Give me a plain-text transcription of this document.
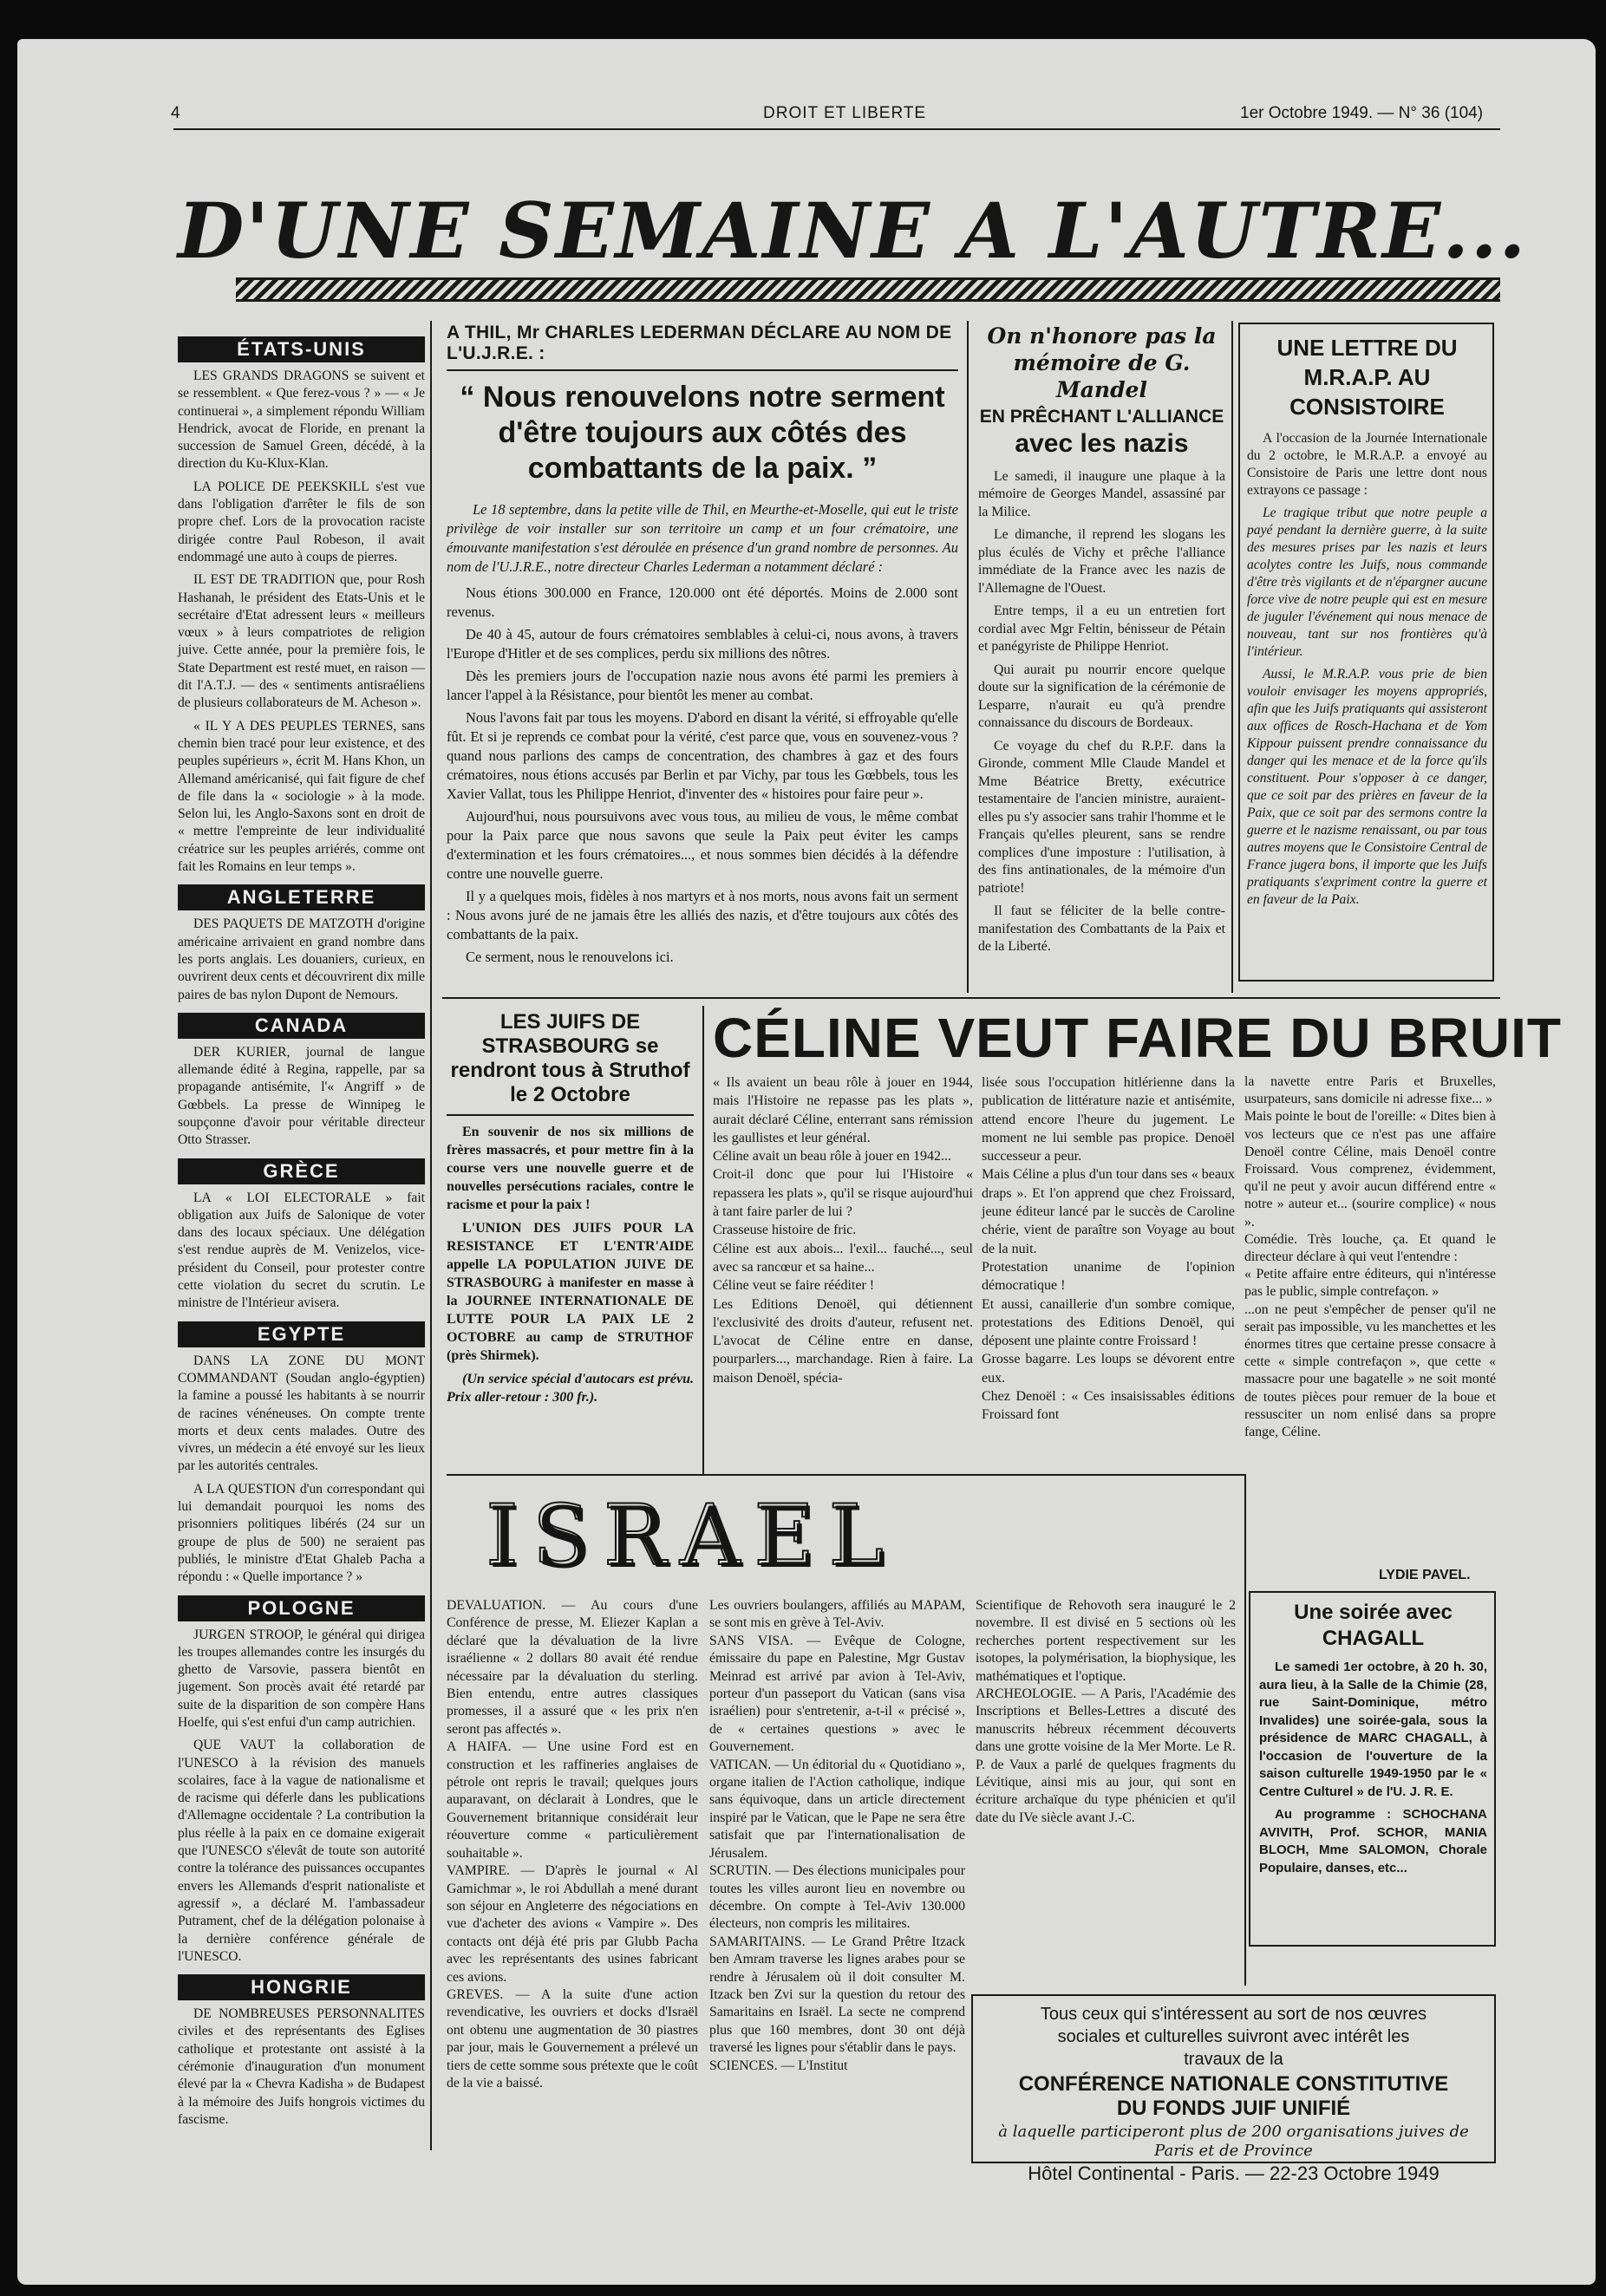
4	DROIT ET LIBERTE	1er Octobre 1949. — N° 36 (104)
D'UNE SEMAINE A L'AUTRE...
ÉTATS-UNIS

LES GRANDS DRAGONS se suivent et se ressemblent. « Que ferez-vous ? » — « Je continuerai », a simplement répondu William Hendrick, avocat de Floride, en prenant la succession de Samuel Green, décédé, à la direction du Ku-Klux-Klan.

LA POLICE DE PEEKSKILL s'est vue dans l'obligation d'arrêter le fils de son propre chef. Lors de la provocation raciste dirigée contre Paul Robeson, il avait endommagé une auto à coups de pierres.

IL EST DE TRADITION que, pour Rosh Hashanah, le président des Etats-Unis et le secrétaire d'Etat adressent leurs « meilleurs vœux » à leurs compatriotes de religion juive. Cette année, pour la première fois, le State Department est resté muet, en raison — dit l'A.T.J. — des « sentiments antisraéliens de plusieurs collaborateurs de M. Acheson ».

« IL Y A DES PEUPLES TERNES, sans chemin bien tracé pour leur existence, et des peuples supérieurs », écrit M. Hans Khon, un Allemand américanisé, qui fait figure de chef de file dans la « sociologie » à la mode. Selon lui, les Anglo-Saxons sont en droit de « mettre l'empreinte de leur individualité créatrice sur les peuples arriérés, comme ont fait les Romains en leur temps ».

ANGLETERRE

DES PAQUETS DE MATZOTH d'origine américaine arrivaient en grand nombre dans les ports anglais. Les douaniers, curieux, en ouvrirent deux cents et découvrirent dix mille paires de bas nylon Dupont de Nemours.

CANADA

DER KURIER, journal de langue allemande édité à Regina, rappelle, par sa propagande antisémite, l'« Angriff » de Gœbbels. La presse de Winnipeg le soupçonne d'avoir pour véritable directeur Otto Strasser.

GRÈCE

LA « LOI ELECTORALE » fait obligation aux Juifs de Salonique de voter dans des locaux spéciaux. Une délégation s'est rendue auprès de M. Venizelos, vice-président du Conseil, pour protester contre cette violation du secret du scrutin. Le ministre de l'Intérieur avisera.

EGYPTE

DANS LA ZONE DU MONT COMMANDANT (Soudan anglo-égyptien) la famine a poussé les habitants à se nourrir de racines vénéneuses. On compte trente morts et deux cents malades. Outre des vivres, un médecin a été envoyé sur les lieux par les autorités centrales.

A LA QUESTION d'un correspondant qui lui demandait pourquoi les noms des prisonniers politiques libérés (24 sur un groupe de plus de 500) ne seraient pas publiés, le ministre d'Etat Ghaleb Pacha a répondu : « Quelle importance ? »

POLOGNE

JURGEN STROOP, le général qui dirigea les troupes allemandes contre les insurgés du ghetto de Varsovie, passera bientôt en jugement. Son procès avait été retardé par suite de la disparition de son compère Hans Hoelfe, qui s'est enfui d'un camp autrichien.

QUE VAUT la collaboration de l'UNESCO à la révision des manuels scolaires, face à la vague de nationalisme et de racisme qui déferle dans les publications d'Allemagne occidentale ? La contribution la plus réelle à la paix en ce domaine exigerait que l'UNESCO s'élevât de toute son autorité contre la tolérance des puissances occupantes envers les Allemands d'esprit nationaliste et agressif », a déclaré M. l'ambassadeur Putrament, chef de la délégation polonaise à la dernière conférence générale de l'UNESCO.

HONGRIE

DE NOMBREUSES PERSONNALITES civiles et des représentants des Eglises catholique et protestante ont assisté à la cérémonie d'inauguration d'un monument élevé par la « Chevra Kadisha » de Budapest à la mémoire des Juifs hongrois victimes du fascisme.

A THIL, Mr CHARLES LEDERMAN DÉCLARE AU NOM DE L'U.J.R.E. :
“ Nous renouvelons notre serment d'être toujours aux côtés des combattants de la paix. ”
Le 18 septembre, dans la petite ville de Thil, en Meurthe-et-Moselle, qui eut le triste privilège de voir installer sur son territoire un camp et un four crématoire, une émouvante manifestation s'est déroulée en présence d'un grand nombre de personnes. Au nom de l'U.J.R.E., notre directeur Charles Lederman a notamment déclaré :

Nous étions 300.000 en France, 120.000 ont été déportés. Moins de 2.000 sont revenus.

De 40 à 45, autour de fours crématoires semblables à celui-ci, nous avons, à travers l'Europe d'Hitler et de ses complices, perdu six millions des nôtres.

Dès les premiers jours de l'occupation nazie nous avons été parmi les premiers à lancer l'appel à la Résistance, pour bientôt les mener au combat.

Nous l'avons fait par tous les moyens. D'abord en disant la vérité, si effroyable qu'elle fût. Et si je reprends ce combat pour la vérité, c'est parce que, vous en souvenez-vous ? quand nous parlions des camps de concentration, des chambres à gaz et des fours crématoires, nous étions accusés par Berlin et par Vichy, par tous les Gœbbels, tous les Xavier Vallat, tous les Philippe Henriot, d'inventer des « histoires pour faire peur ».

Aujourd'hui, nous poursuivons avec vous tous, au milieu de vous, le même combat pour la Paix parce que nous savons que seule la Paix peut éviter les camps d'extermination et les fours crématoires..., et nous sommes bien décidés à la défendre contre une nouvelle guerre.

Il y a quelques mois, fidèles à nos martyrs et à nos morts, nous avons fait un serment : Nous avons juré de ne jamais être les alliés des nazis, et d'être toujours aux côtés des combattants de la paix.

Ce serment, nous le renouvelons ici.

On n'honore pas la mémoire de G. Mandel
EN PRÊCHANT L'ALLIANCE
avec les nazis

Le samedi, il inaugure une plaque à la mémoire de Georges Mandel, assassiné par la Milice.

Le dimanche, il reprend les slogans les plus éculés de Vichy et prêche l'alliance immédiate de la France avec les nazis de l'Allemagne de l'Ouest.

Entre temps, il a eu un entretien fort cordial avec Mgr Feltin, bénisseur de Pétain et panégyriste de Philippe Henriot.

Qui aurait pu nourrir encore quelque doute sur la signification de la cérémonie de Lesparre, n'aurait eu qu'à prendre connaissance du discours de Bordeaux.

Ce voyage du chef du R.P.F. dans la Gironde, comment Mlle Claude Mandel et Mme Béatrice Bretty, exécutrice testamentaire de l'ancien ministre, auraient-elles pu s'y associer sans trahir l'homme et le Français qu'elles pleurent, sans se rendre complices d'une imposture : l'utilisation, à des fins antinationales, de la mémoire d'un patriote!

Il faut se féliciter de la belle contre-manifestation des Combattants de la Paix et de la Liberté.

UNE LETTRE DU M.R.A.P. AU CONSISTOIRE

A l'occasion de la Journée Internationale du 2 octobre, le M.R.A.P. a envoyé au Consistoire de Paris une lettre dont nous extrayons ce passage :

Le tragique tribut que notre peuple a payé pendant la dernière guerre, à la suite des mesures prises par les nazis et leurs acolytes contre les Juifs, nous commande d'être très vigilants et de n'épargner aucune force vive de notre peuple qui est en mesure de juguler l'événement qui nous menace de nouveau, tant sur nos frontières qu'à l'intérieur.

Aussi, le M.R.A.P. vous prie de bien vouloir envisager les moyens appropriés, afin que les Juifs pratiquants qui assisteront aux offices de Rosch-Hachana et de Yom Kippour puissent prendre connaissance du danger qui les menace et de la force qu'ils constituent. Pour s'opposer à ce danger, que ce soit par des prières en faveur de la Paix, que ce soit par des sermons contre la guerre et le nazisme renaissant, ou par tous autres moyens que le Consistoire Central de France jugera bons, il importe que les Juifs pratiquants s'expriment contre la guerre et en faveur de la Paix.

LES JUIFS DE STRASBOURG se rendront tous à Struthof le 2 Octobre

En souvenir de nos six millions de frères massacrés, et pour mettre fin à la course vers une nouvelle guerre et de nouvelles persécutions raciales, contre le racisme et pour la paix !

L'UNION DES JUIFS POUR LA RESISTANCE ET L'ENTR'AIDE appelle LA POPULATION JUIVE DE STRASBOURG à manifester en masse à la JOURNEE INTERNATIONALE DE LUTTE POUR LA PAIX LE 2 OCTOBRE au camp de STRUTHOF (près Shirmek).

(Un service spécial d'autocars est prévu. Prix aller-retour : 300 fr.).

CÉLINE VEUT FAIRE DU BRUIT
« Ils avaient un beau rôle à jouer en 1944, mais l'Histoire ne repasse pas les plats », aurait déclaré Céline, enterrant sans rémission les gaullistes et leur général.
Céline avait un beau rôle à jouer en 1942...
Croit-il donc que pour lui l'Histoire « repassera les plats », qu'il se risque aujourd'hui à tant faire parler de lui ?
Crasseuse histoire de fric.
Céline est aux abois... l'exil... fauché..., seul avec sa rancœur et sa haine...
Céline veut se faire rééditer !
Les Editions Denoël, qui détiennent l'exclusivité des droits d'auteur, refusent net. L'avocat de Céline entre en danse, pourparlers..., marchandage. Rien à faire. La maison Denoël, spécia-
lisée sous l'occupation hitlérienne dans la publication de littérature nazie et antisémite, attend encore l'heure du jugement. Le moment ne lui semble pas propice. Denoël successeur a peur.
Mais Céline a plus d'un tour dans ses « beaux draps ». Et l'on apprend que chez Froissard, jeune éditeur lancé par le succès de Caroline chérie, vient de paraître son Voyage au bout de la nuit.
Protestation unanime de l'opinion démocratique !
Et aussi, canaillerie d'un sombre comique, protestations des Editions Denoël, qui déposent une plainte contre Froissard !
Grosse bagarre. Les loups se dévorent entre eux.
Chez Denoël : « Ces insaisissables éditions Froissard font
la navette entre Paris et Bruxelles, usurpateurs, sans domicile ni adresse fixe... »
Mais pointe le bout de l'oreille: « Dites bien à vos lecteurs que ce n'est pas une affaire Denoël contre Céline, mais Denoël contre Froissard. Vous comprenez, évidemment, qu'il ne peut y avoir aucun différend entre « notre » auteur et... (sourire complice) « nous ».
Comédie. Très louche, ça. Et quand le directeur déclare à qui veut l'entendre :
« Petite affaire entre éditeurs, qui n'intéresse pas le public, simple contrefaçon. »
...on ne peut s'empêcher de penser qu'il ne serait pas impossible, vu les manchettes et les énormes titres que certaine presse consacre à cette « simple contrefaçon », que cette « massacre pour une bagatelle » ne soit monté de toutes pièces pour remuer de la boue et ressusciter un nom enlisé dans sa propre fange, Céline.
LYDIE PAVEL.
ISRAEL
DEVALUATION. — Au cours d'une Conférence de presse, M. Eliezer Kaplan a déclaré que la dévaluation de la livre israélienne « 2 dollars 80 avait été rendue nécessaire par la dévaluation du sterling. Bien entendu, entre autres classiques promesses, il a assuré que « les prix n'en seront pas affectés ».
A HAIFA. — Une usine Ford est en construction et les raffineries anglaises de pétrole ont repris le travail; quelques jours auparavant, on déclarait à Londres, que le Gouvernement britannique considérait leur réouverture comme « particulièrement souhaitable ».
VAMPIRE. — D'après le journal « Al Gamichmar », le roi Abdullah a mené durant son séjour en Angleterre des négociations en vue d'acheter des avions « Vampire ». Des contacts ont déjà été pris par Glubb Pacha avec les représentants des usines fabricant ces avions.
GREVES. — A la suite d'une action revendicative, les ouvriers et docks d'Israël ont obtenu une augmentation de 30 piastres par jour, mais le Gouvernement a prélevé un tiers de cette somme sous prétexte que le coût de la vie a baissé.
Les ouvriers boulangers, affiliés au MAPAM, se sont mis en grève à Tel-Aviv.
SANS VISA. — Evêque de Cologne, émissaire du pape en Palestine, Mgr Gustav Meinrad est arrivé par avion à Tel-Aviv, porteur d'un passeport du Vatican (sans visa israélien) pour s'entretenir, a-t-il « précisé », de « certaines questions » avec le Gouvernement.
VATICAN. — Un éditorial du « Quotidiano », organe italien de l'Action catholique, indique sans équivoque, dans un article directement inspiré par le Vatican, que le Pape ne sera être satisfait que par l'internationalisation de Jérusalem.
SCRUTIN. — Des élections municipales pour toutes les villes auront lieu en novembre ou décembre. On compte à Tel-Aviv 130.000 électeurs, non compris les militaires.
SAMARITAINS. — Le Grand Prêtre Itzack ben Amram traverse les lignes arabes pour se rendre à Jérusalem où il doit consulter M. Itzack ben Zvi sur la question du retour des Samaritains en Israël. La secte ne comprend plus que 160 membres, dont 30 ont déjà traversé les lignes pour s'établir dans le pays.
SCIENCES. — L'Institut
Scientifique de Rehovoth sera inauguré le 2 novembre. Il est divisé en 5 sections où les recherches portent respectivement sur les isotopes, la polymérisation, la biophysique, les mathématiques et l'optique.
ARCHEOLOGIE. — A Paris, l'Académie des Inscriptions et Belles-Lettres a discuté des manuscrits hébreux récemment découverts dans une grotte voisine de la Mer Morte. Le R. P. de Vaux a parlé de quelques fragments du Lévitique, ainsi mis au jour, qui sont en écriture archaïque du type phénicien et qu'il date du IVe siècle avant J.-C.
Une soirée avec CHAGALL

Le samedi 1er octobre, à 20 h. 30, aura lieu, à la Salle de la Chimie (28, rue Saint-Dominique, métro Invalides) une soirée-gala, sous la présidence de MARC CHAGALL, à l'occasion de l'ouverture de la saison culturelle 1949-1950 par le « Centre Culturel » de l'U. J. R. E.

Au programme : SCHOCHANA AVIVITH, Prof. SCHOR, MANIA BLOCH, Mme SALOMON, Chorale Populaire, danses, etc...

Tous ceux qui s'intéressent au sort de nos œuvres
sociales et culturelles suivront avec intérêt les
travaux de la
CONFÉRENCE NATIONALE CONSTITUTIVE
DU FONDS JUIF UNIFIÉ
à laquelle participeront plus de 200 organisations juives de Paris et de Province
Hôtel Continental - Paris. — 22-23 Octobre 1949
